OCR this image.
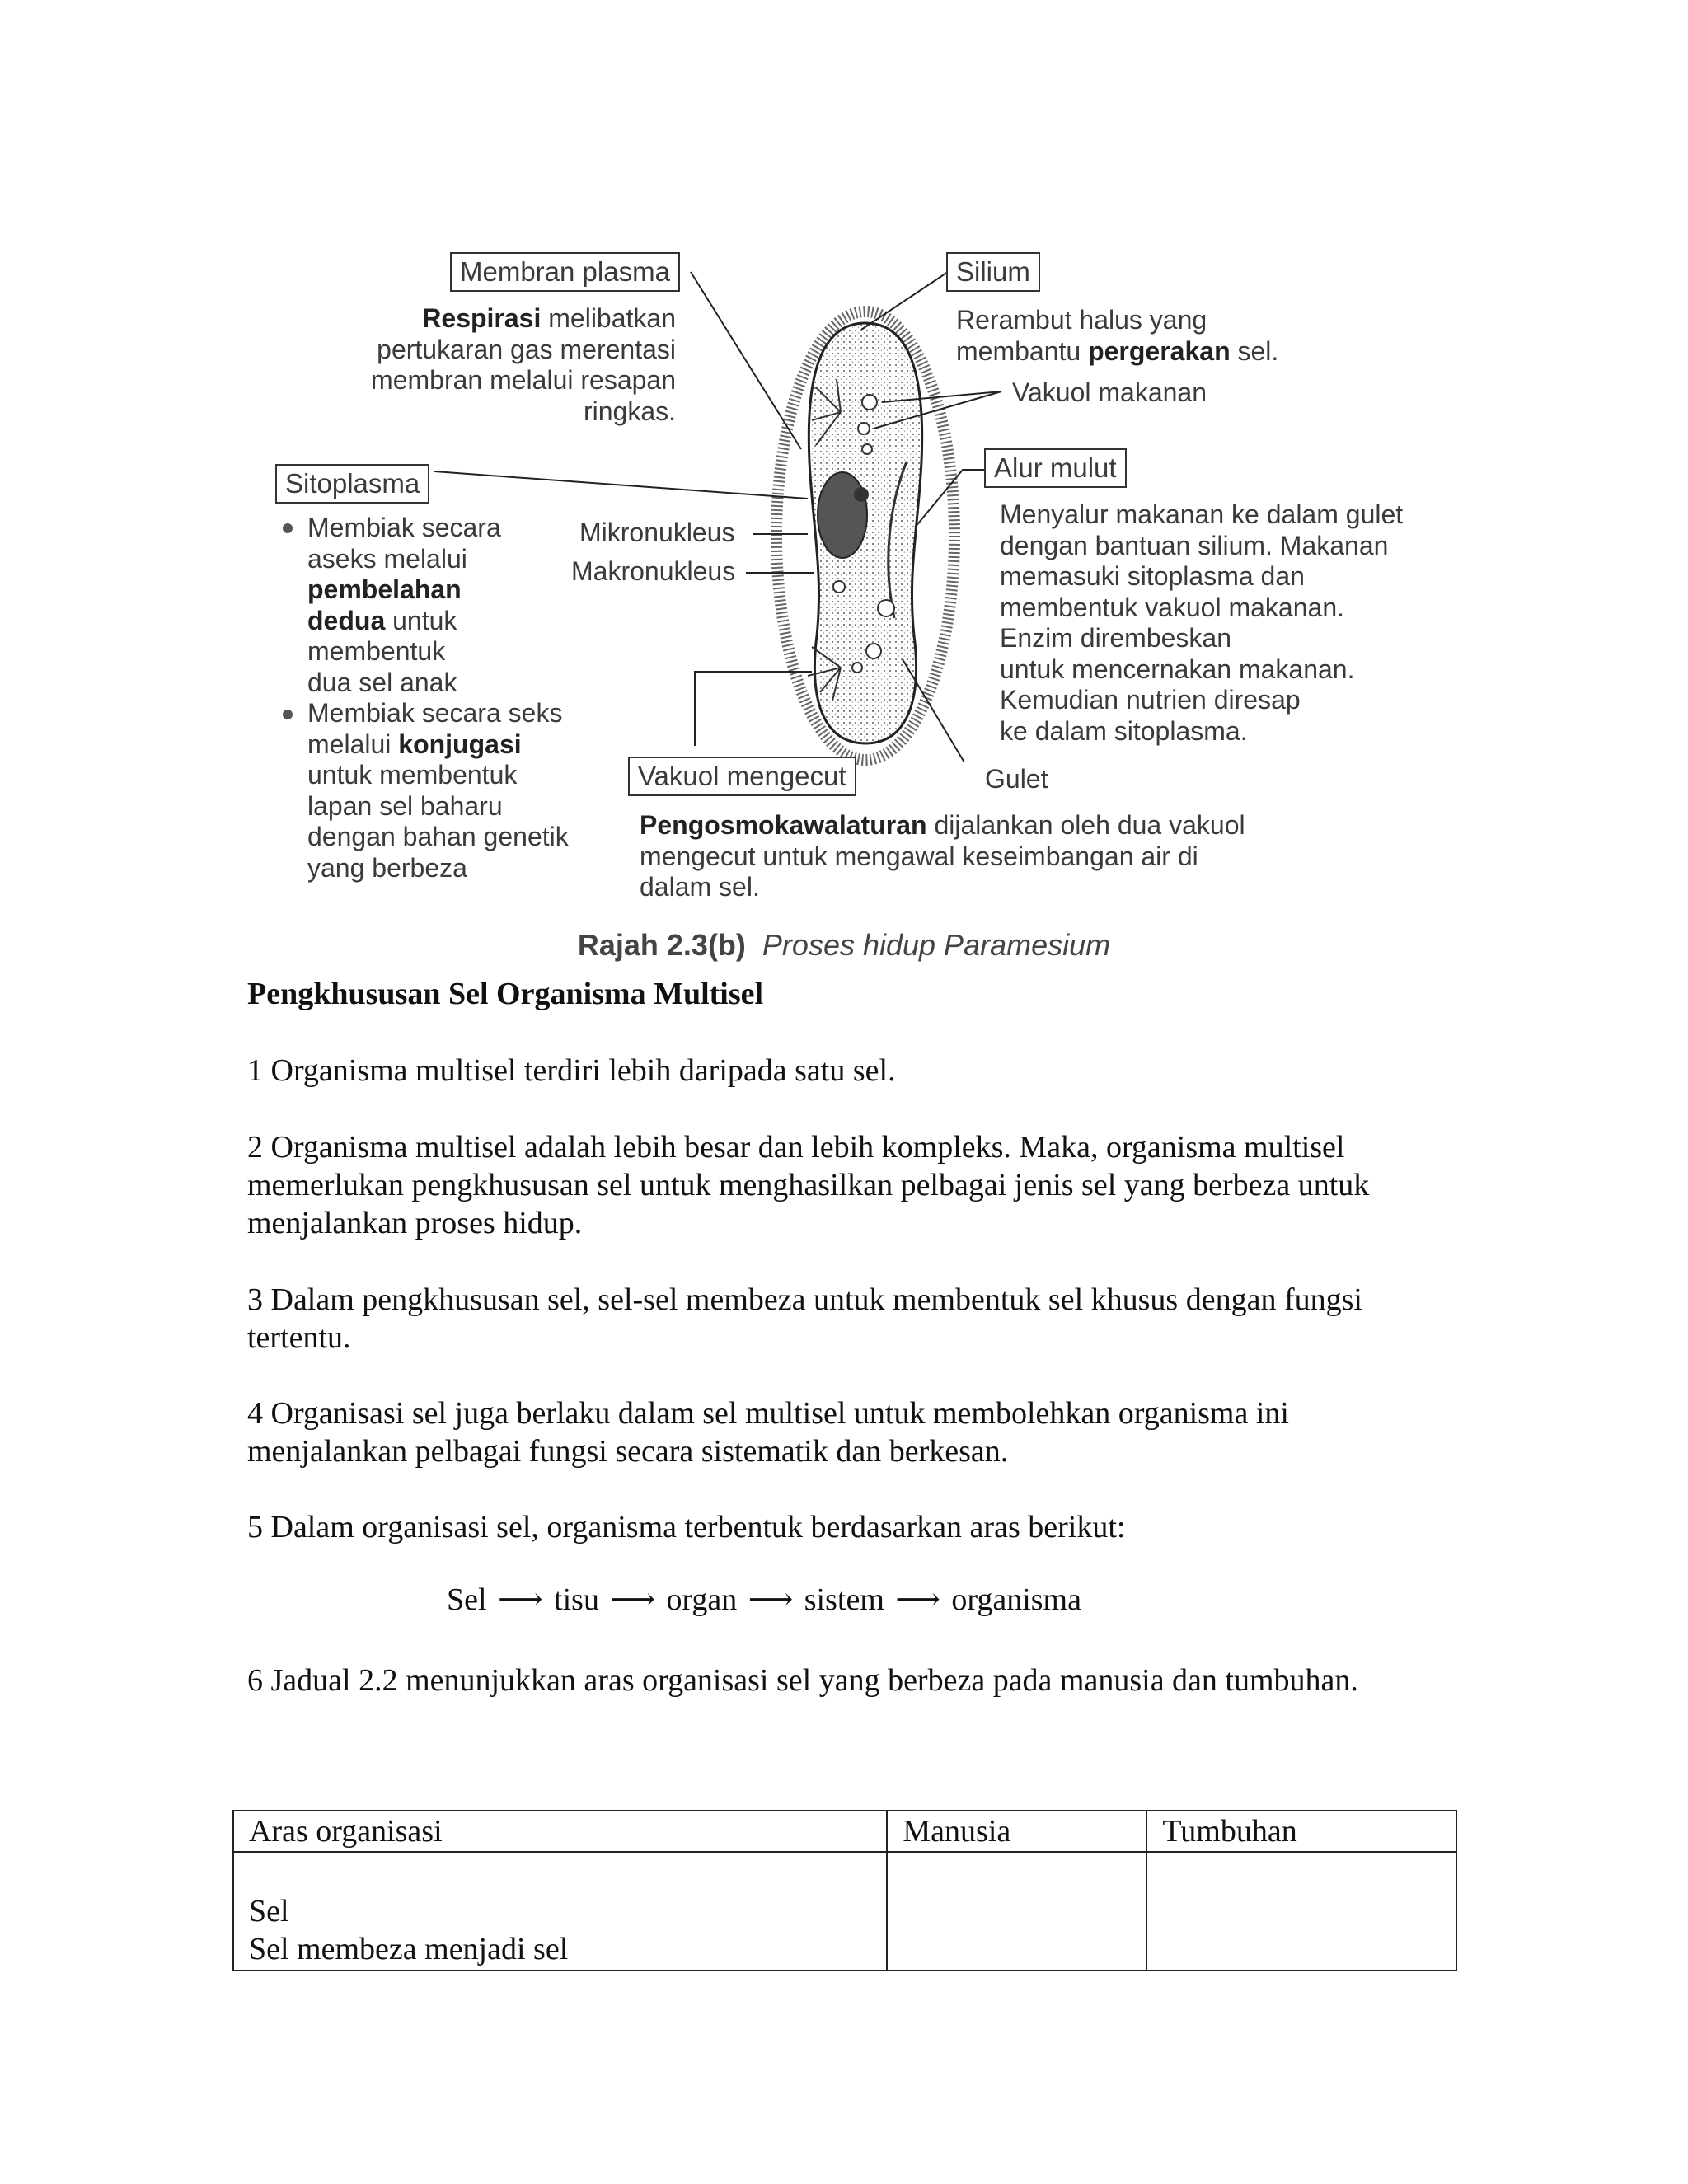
Membran plasma	Silium
Sitoplasma
Alur mulut
Vakuol mengecut
Vakuol makanan
Mikronukleus
Makronukleus
Gulet
Respirasi melibatkan
pertukaran gas merentasi
membran melalui resapan
ringkas.
Rerambut halus yang
membantu pergerakan sel.
Membiak secara
aseks melalui
pembelahan
dedua untuk
membentuk
dua sel anak
Membiak secara seks
melalui konjugasi
untuk membentuk
lapan sel baharu
dengan bahan genetik
yang berbeza
Menyalur makanan ke dalam gulet
dengan bantuan silium. Makanan
memasuki sitoplasma dan
membentuk vakuol makanan.
Enzim dirembeskan
untuk mencernakan makanan.
Kemudian nutrien diresap
ke dalam sitoplasma.
Pengosmokawalaturan dijalankan oleh dua vakuol
mengecut untuk mengawal keseimbangan air di
dalam sel.
Rajah 2.3(b) Proses hidup Paramesium
Pengkhususan Sel Organisma Multisel
1 Organisma multisel terdiri lebih daripada satu sel.
2 Organisma multisel adalah lebih besar dan lebih kompleks. Maka, organisma multisel
memerlukan pengkhususan sel untuk menghasilkan pelbagai jenis sel yang berbeza untuk
menjalankan proses hidup.
3 Dalam pengkhususan sel, sel-sel membeza untuk membentuk sel khusus dengan fungsi
tertentu.
4 Organisasi sel juga berlaku dalam sel multisel untuk membolehkan organisma ini
menjalankan pelbagai fungsi secara sistematik dan berkesan.
5 Dalam organisasi sel, organisma terbentuk berdasarkan aras berikut:
Sel ⟶ tisu ⟶ organ ⟶ sistem ⟶ organisma
6 Jadual 2.2 menunjukkan aras organisasi sel yang berbeza pada manusia dan tumbuhan.
Aras organisasi	Manusia	Tumbuhan

Sel
Sel membeza menjadi sel		
